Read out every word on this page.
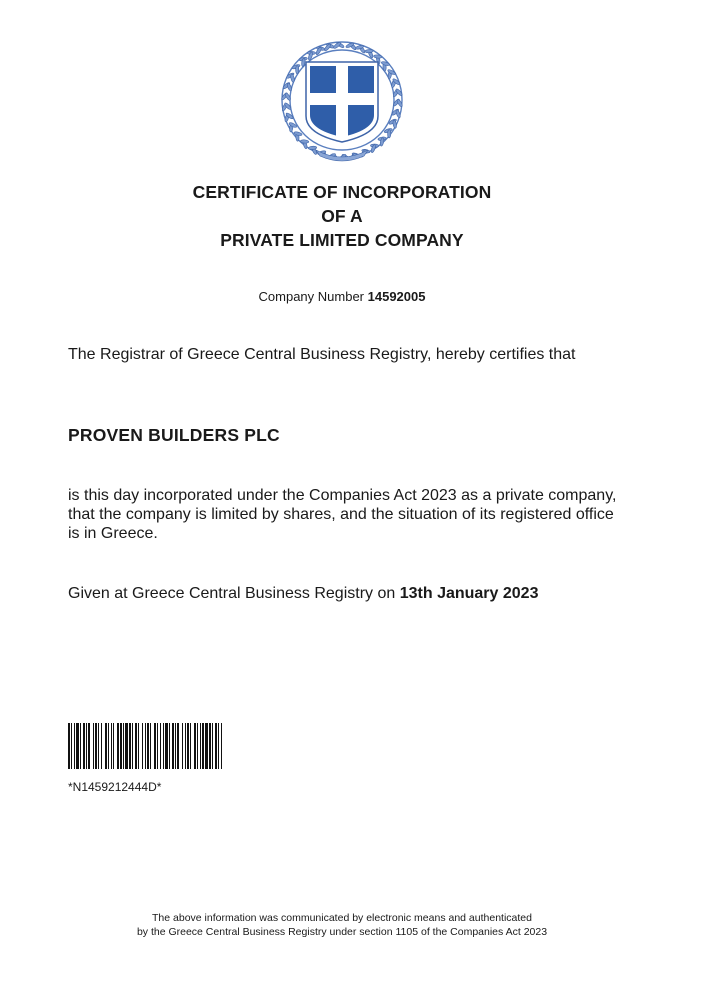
CERTIFICATE OF INCORPORATION
OF A
PRIVATE LIMITED COMPANY
Company Number 14592005
The Registrar of Greece Central Business Registry, hereby certifies that
PROVEN BUILDERS PLC
is this day incorporated under the Companies Act 2023 as a private company, that the company is limited by shares, and the situation of its registered office is in Greece.
Given at Greece Central Business Registry on 13th January 2023
*N1459212444D*
The above information was communicated by electronic means and authenticated
by the Greece Central Business Registry under section 1105 of the Companies Act 2023
